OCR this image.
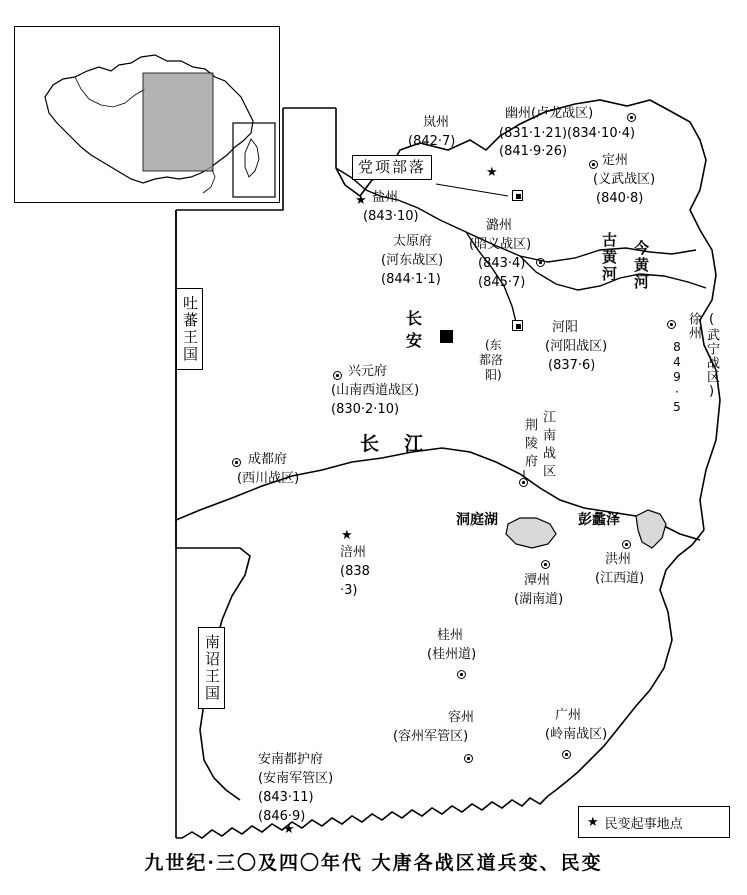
党项部落
吐蕃王国
南诏王国
古黄河 今黄河
长  江
洞庭湖	彭蠡泽
长
安
★
岚州
(842·7)
幽州(卢龙战区)
(831·1·21)(834·10·4)
(841·9·26)
定州
(义武战区)
(840·8)
★ 盐州
(843·10)
潞州
(昭义战区)
(843·4)
(845·7)
太原府
(河东战区)
(844·1·1)
河阳
(河阳战区)
(837·6)
(东
都洛
阳)
徐州 (武宁战区)
849·5
兴元府
(山南西道战区)
(830·2·10)
成都府
(西川战区)
荆
陵
府
江
南
战
区
★
涪州
(838
·3)
潭州
(湖南道)
洪州
(江西道)
桂州
(桂州道)
容州
(容州军管区)
广州
(岭南战区)
安南都护府
(安南军管区)
(843·11)
(846·9)
★	★ 民变起事地点
九世纪·三〇及四〇年代 大唐各战区道兵变、民变
